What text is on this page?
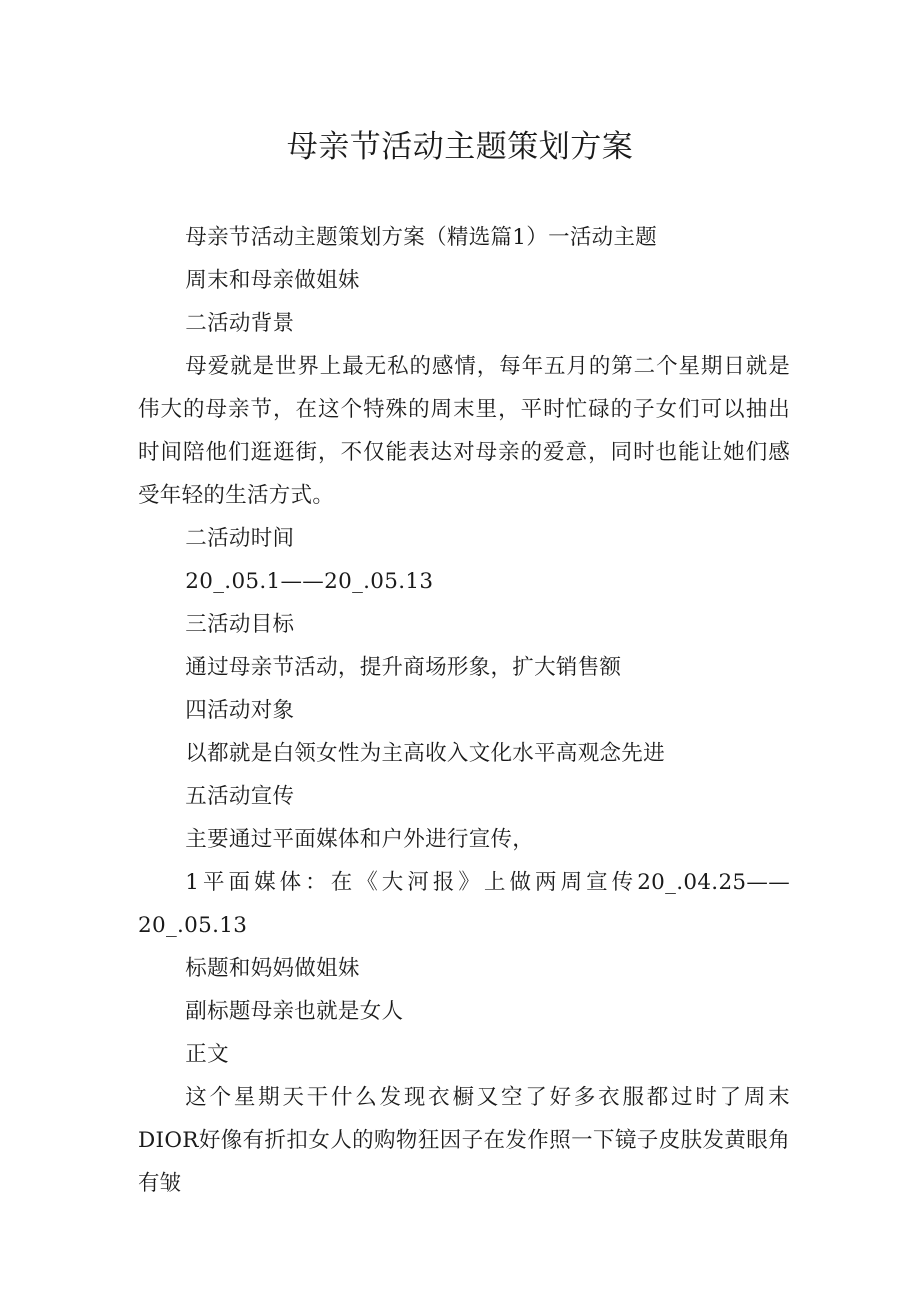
母亲节活动主题策划方案

母亲节活动主题策划方案（精选篇1）一活动主题

周末和母亲做姐妹

二活动背景

母爱就是世界上最无私的感情，每年五月的第二个星期日就是伟大的母亲节，在这个特殊的周末里，平时忙碌的子女们可以抽出时间陪他们逛逛街，不仅能表达对母亲的爱意，同时也能让她们感受年轻的生活方式。

二活动时间

20_.05.1——20_.05.13

三活动目标

通过母亲节活动，提升商场形象，扩大销售额

四活动对象

以都就是白领女性为主高收入文化水平高观念先进

五活动宣传

主要通过平面媒体和户外进行宣传，

1平面媒体：在《大河报》上做两周宣传20_.04.25——20_.05.13

标题和妈妈做姐妹

副标题母亲也就是女人

正文

这个星期天干什么发现衣橱又空了好多衣服都过时了周末DIOR好像有折扣女人的购物狂因子在发作照一下镜子皮肤发黄眼角有皱
